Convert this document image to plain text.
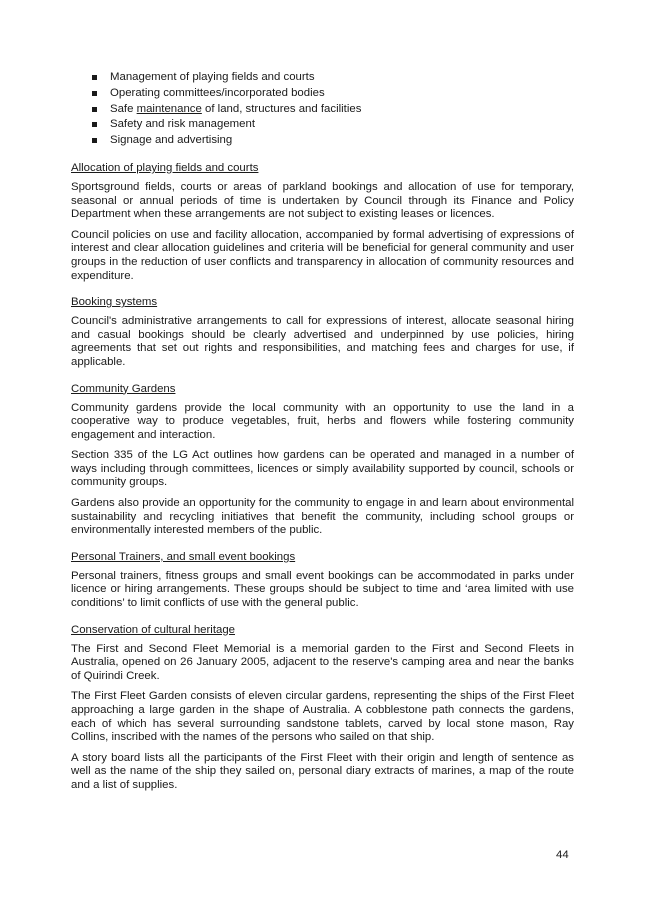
Management of playing fields and courts
Operating committees/incorporated bodies
Safe maintenance of land, structures and facilities
Safety and risk management
Signage and advertising
Allocation of playing fields and courts

Sportsground fields, courts or areas of parkland bookings and allocation of use for temporary, seasonal or annual periods of time is undertaken by Council through its Finance and Policy Department when these arrangements are not subject to existing leases or licences.

Council policies on use and facility allocation, accompanied by formal advertising of expressions of interest and clear allocation guidelines and criteria will be beneficial for general community and user groups in the reduction of user conflicts and transparency in allocation of community resources and expenditure.

Booking systems

Council's administrative arrangements to call for expressions of interest, allocate seasonal hiring and casual bookings should be clearly advertised and underpinned by use policies, hiring agreements that set out rights and responsibilities, and matching fees and charges for use, if applicable.

Community Gardens

Community gardens provide the local community with an opportunity to use the land in a cooperative way to produce vegetables, fruit, herbs and flowers while fostering community engagement and interaction.

Section 335 of the LG Act outlines how gardens can be operated and managed in a number of ways including through committees, licences or simply availability supported by council, schools or community groups.

Gardens also provide an opportunity for the community to engage in and learn about environmental sustainability and recycling initiatives that benefit the community, including school groups or environmentally interested members of the public.

Personal Trainers, and small event bookings

Personal trainers, fitness groups and small event bookings can be accommodated in parks under licence or hiring arrangements. These groups should be subject to time and ‘area limited with use conditions’ to limit conflicts of use with the general public.

Conservation of cultural heritage

The First and Second Fleet Memorial is a memorial garden to the First and Second Fleets in Australia, opened on 26 January 2005, adjacent to the reserve's camping area and near the banks of Quirindi Creek.

The First Fleet Garden consists of eleven circular gardens, representing the ships of the First Fleet approaching a large garden in the shape of Australia. A cobblestone path connects the gardens, each of which has several surrounding sandstone tablets, carved by local stone mason, Ray Collins, inscribed with the names of the persons who sailed on that ship.

A story board lists all the participants of the First Fleet with their origin and length of sentence as well as the name of the ship they sailed on, personal diary extracts of marines, a map of the route and a list of supplies.

44
